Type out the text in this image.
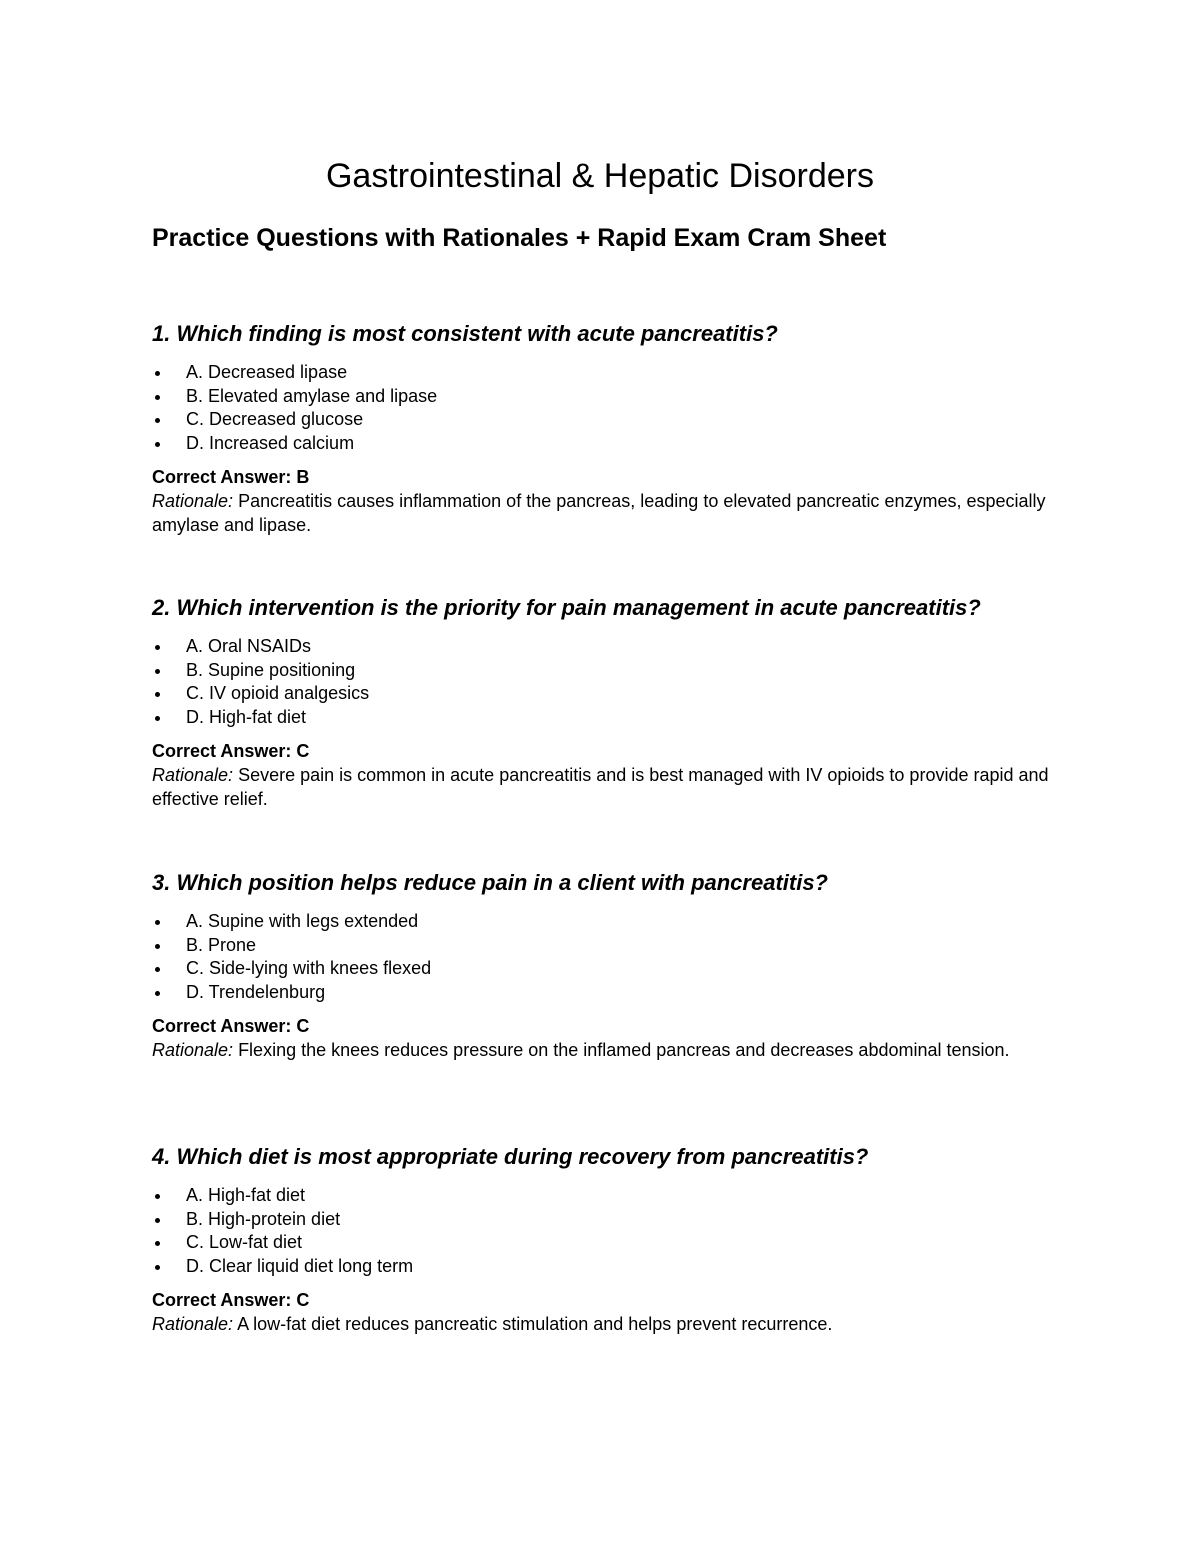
Gastrointestinal & Hepatic Disorders
Practice Questions with Rationales + Rapid Exam Cram Sheet
1. Which finding is most consistent with acute pancreatitis?
A. Decreased lipase
B. Elevated amylase and lipase
C. Decreased glucose
D. Increased calcium

Correct Answer: B

Rationale: Pancreatitis causes inflammation of the pancreas, leading to elevated pancreatic enzymes, especially amylase and lipase.

2. Which intervention is the priority for pain management in acute pancreatitis?
A. Oral NSAIDs
B. Supine positioning
C. IV opioid analgesics
D. High-fat diet

Correct Answer: C

Rationale: Severe pain is common in acute pancreatitis and is best managed with IV opioids to provide rapid and effective relief.

3. Which position helps reduce pain in a client with pancreatitis?
A. Supine with legs extended
B. Prone
C. Side-lying with knees flexed
D. Trendelenburg

Correct Answer: C

Rationale: Flexing the knees reduces pressure on the inflamed pancreas and decreases abdominal tension.

4. Which diet is most appropriate during recovery from pancreatitis?
A. High-fat diet
B. High-protein diet
C. Low-fat diet
D. Clear liquid diet long term

Correct Answer: C

Rationale: A low-fat diet reduces pancreatic stimulation and helps prevent recurrence.
